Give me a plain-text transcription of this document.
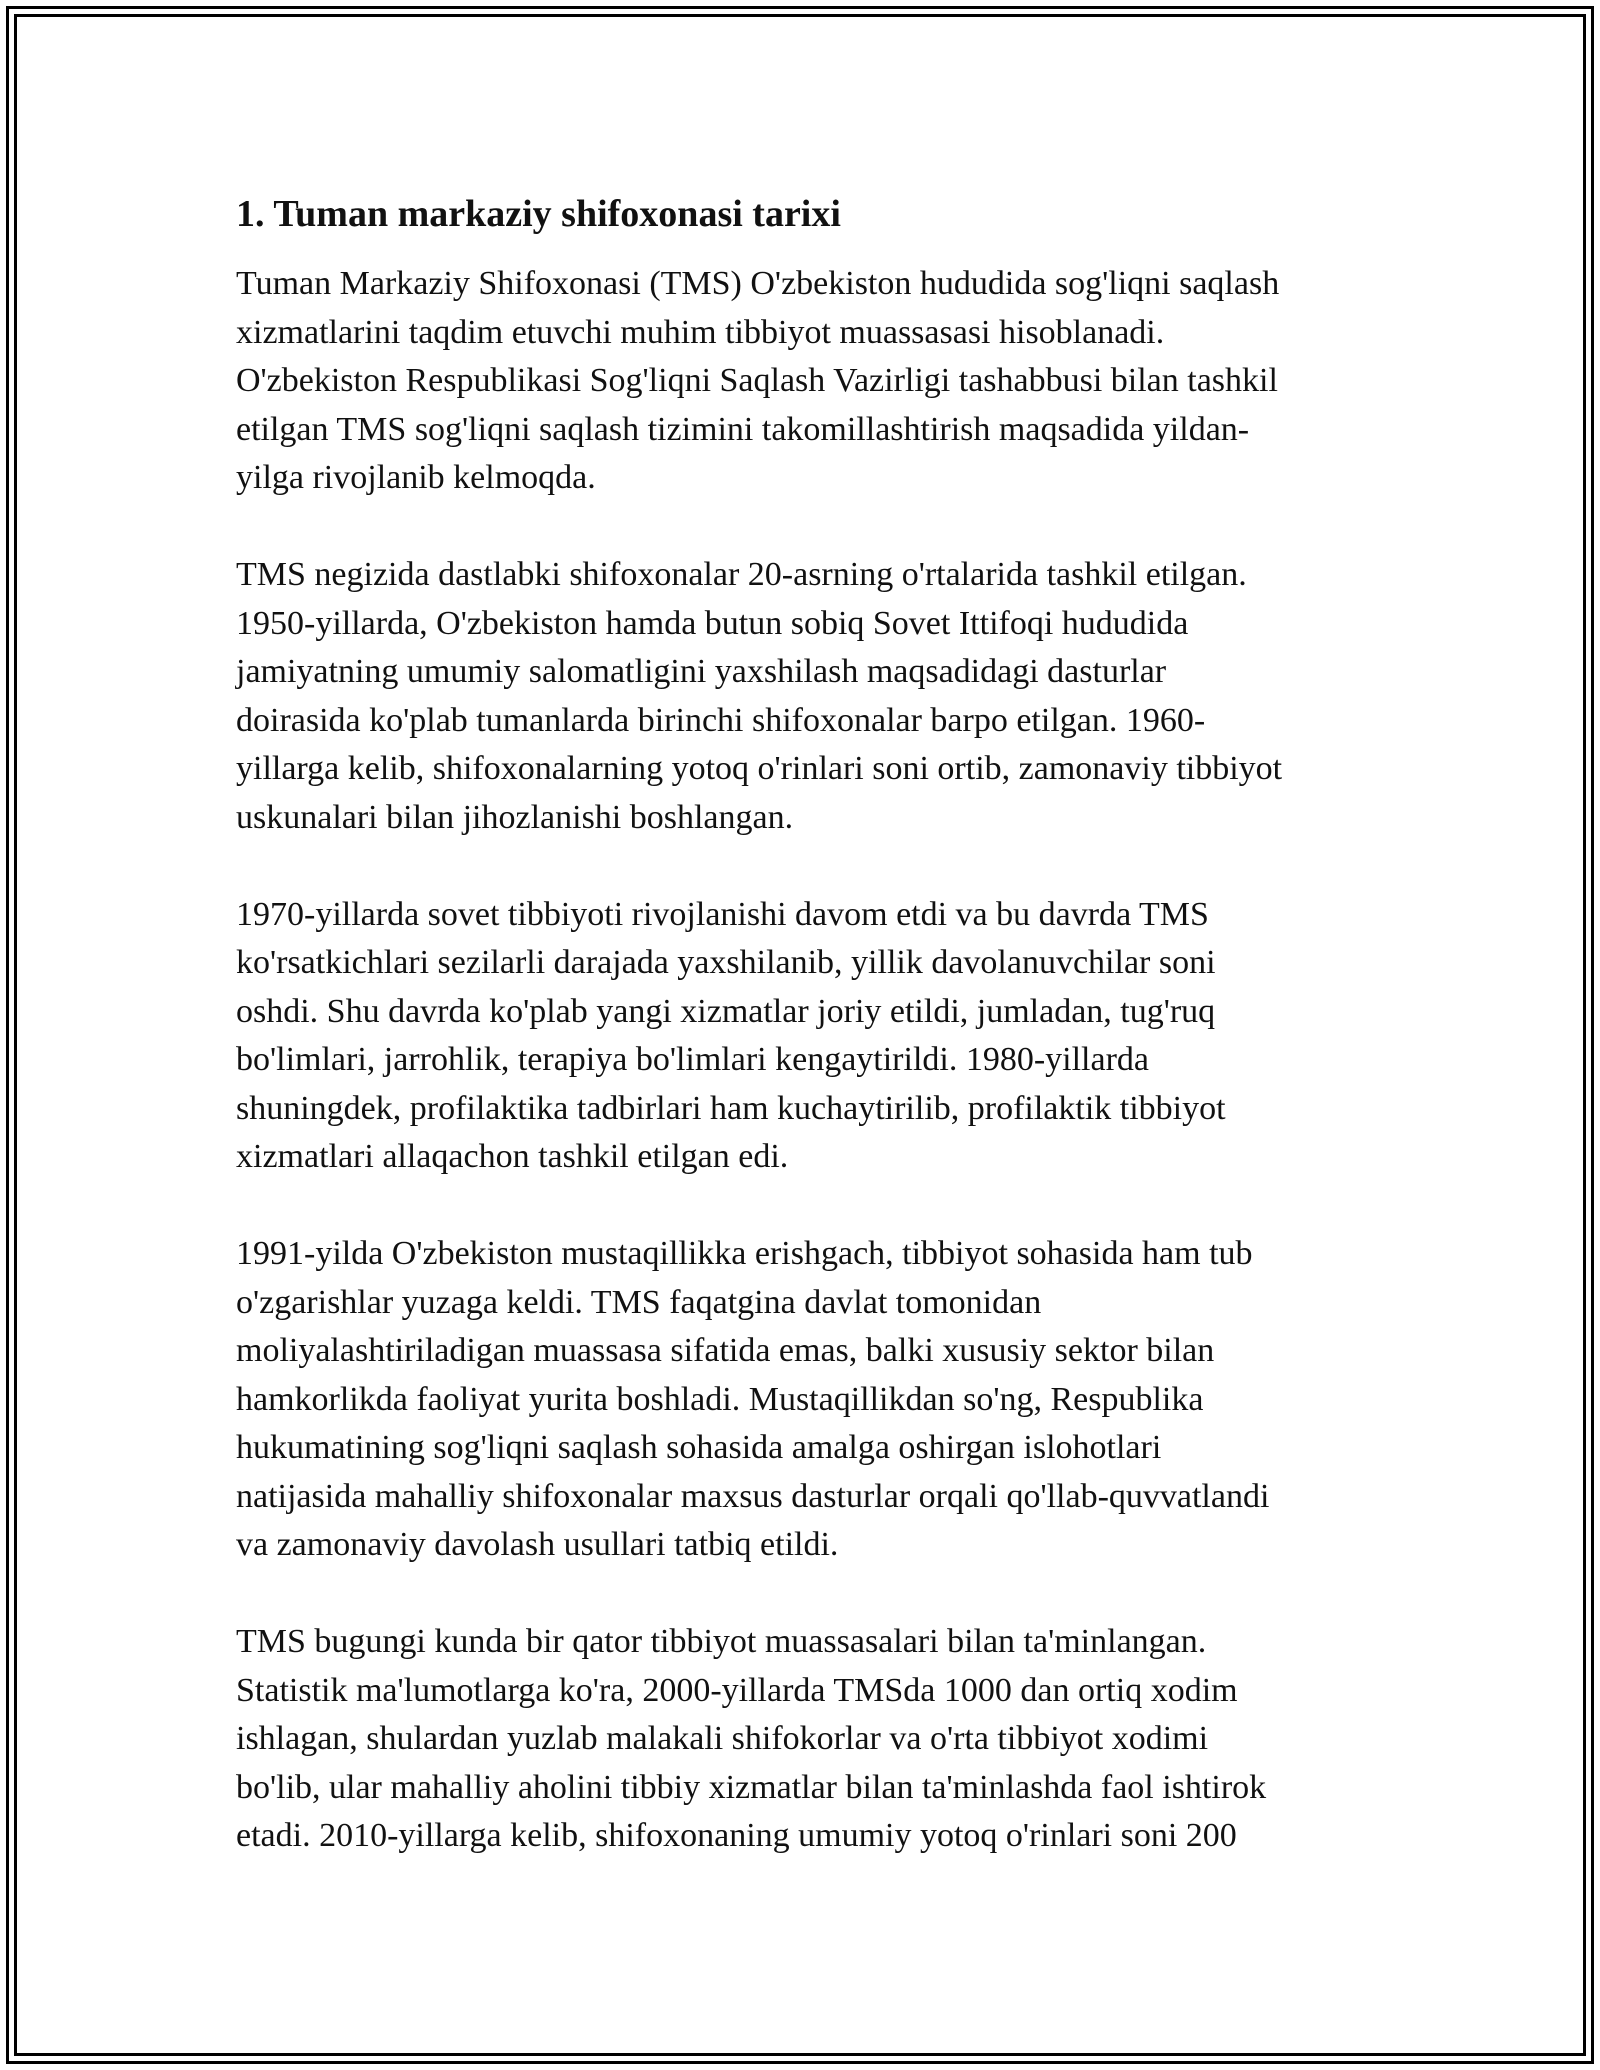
1. Tuman markaziy shifoxonasi tarixi

Tuman Markaziy Shifoxonasi (TMS) O'zbekiston hududida sog'liqni saqlash
xizmatlarini taqdim etuvchi muhim tibbiyot muassasasi hisoblanadi.
O'zbekiston Respublikasi Sog'liqni Saqlash Vazirligi tashabbusi bilan tashkil
etilgan TMS sog'liqni saqlash tizimini takomillashtirish maqsadida yildan-
yilga rivojlanib kelmoqda.

TMS negizida dastlabki shifoxonalar 20-asrning o'rtalarida tashkil etilgan.
1950-yillarda, O'zbekiston hamda butun sobiq Sovet Ittifoqi hududida
jamiyatning umumiy salomatligini yaxshilash maqsadidagi dasturlar
doirasida ko'plab tumanlarda birinchi shifoxonalar barpo etilgan. 1960-
yillarga kelib, shifoxonalarning yotoq o'rinlari soni ortib, zamonaviy tibbiyot
uskunalari bilan jihozlanishi boshlangan.

1970-yillarda sovet tibbiyoti rivojlanishi davom etdi va bu davrda TMS
ko'rsatkichlari sezilarli darajada yaxshilanib, yillik davolanuvchilar soni
oshdi. Shu davrda ko'plab yangi xizmatlar joriy etildi, jumladan, tug'ruq
bo'limlari, jarrohlik, terapiya bo'limlari kengaytirildi. 1980-yillarda
shuningdek, profilaktika tadbirlari ham kuchaytirilib, profilaktik tibbiyot
xizmatlari allaqachon tashkil etilgan edi.

1991-yilda O'zbekiston mustaqillikka erishgach, tibbiyot sohasida ham tub
o'zgarishlar yuzaga keldi. TMS faqatgina davlat tomonidan
moliyalashtiriladigan muassasa sifatida emas, balki xususiy sektor bilan
hamkorlikda faoliyat yurita boshladi. Mustaqillikdan so'ng, Respublika
hukumatining sog'liqni saqlash sohasida amalga oshirgan islohotlari
natijasida mahalliy shifoxonalar maxsus dasturlar orqali qo'llab-quvvatlandi
va zamonaviy davolash usullari tatbiq etildi.

TMS bugungi kunda bir qator tibbiyot muassasalari bilan ta'minlangan.
Statistik ma'lumotlarga ko'ra, 2000-yillarda TMSda 1000 dan ortiq xodim
ishlagan, shulardan yuzlab malakali shifokorlar va o'rta tibbiyot xodimi
bo'lib, ular mahalliy aholini tibbiy xizmatlar bilan ta'minlashda faol ishtirok
etadi. 2010-yillarga kelib, shifoxonaning umumiy yotoq o'rinlari soni 200
